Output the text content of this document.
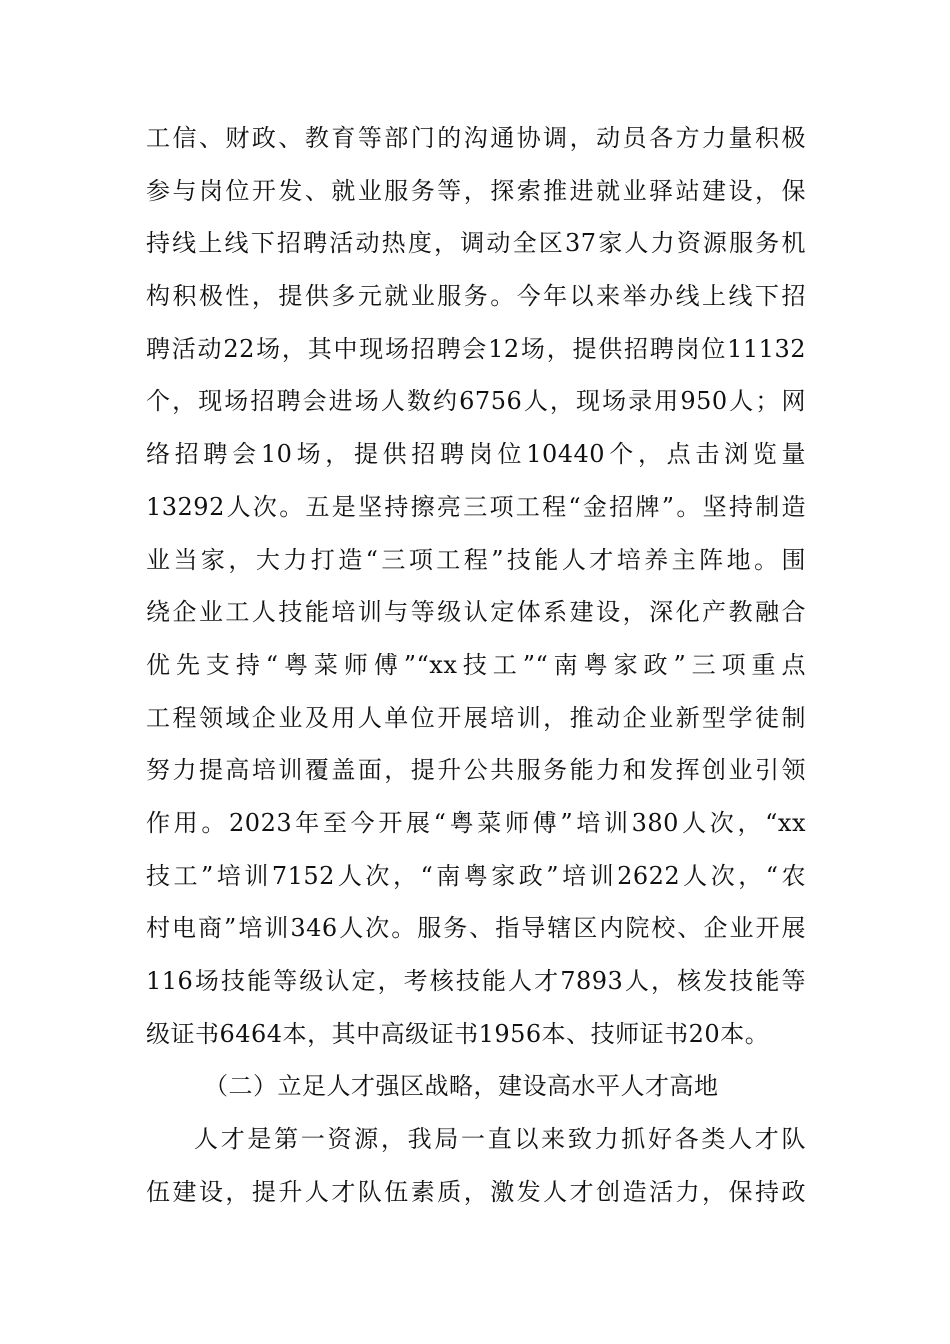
工信、财政、教育等部门的沟通协调，动员各方力量积极
参与岗位开发、就业服务等，探索推进就业驿站建设，保
持线上线下招聘活动热度，调动全区37家人力资源服务机
构积极性，提供多元就业服务。今年以来举办线上线下招
聘活动22场，其中现场招聘会12场，提供招聘岗位11132
个，现场招聘会进场人数约6756人，现场录用950人；网
络招聘会10场，提供招聘岗位10440个，点击浏览量
13292人次。五是坚持擦亮三项工程“金招牌”。坚持制造
业当家，大力打造“三项工程”技能人才培养主阵地。围
绕企业工人技能培训与等级认定体系建设，深化产教融合
优先支持“粤菜师傅”“xx技工”“南粤家政”三项重点
工程领域企业及用人单位开展培训，推动企业新型学徒制
努力提高培训覆盖面，提升公共服务能力和发挥创业引领
作用。2023年至今开展“粤菜师傅”培训380人次，“xx
技工”培训7152人次，“南粤家政”培训2622人次，“农
村电商”培训346人次。服务、指导辖区内院校、企业开展
116场技能等级认定，考核技能人才7893人，核发技能等
级证书6464本，其中高级证书1956本、技师证书20本。
（二）立足人才强区战略，建设高水平人才高地
人才是第一资源，我局一直以来致力抓好各类人才队
伍建设，提升人才队伍素质，激发人才创造活力，保持政
